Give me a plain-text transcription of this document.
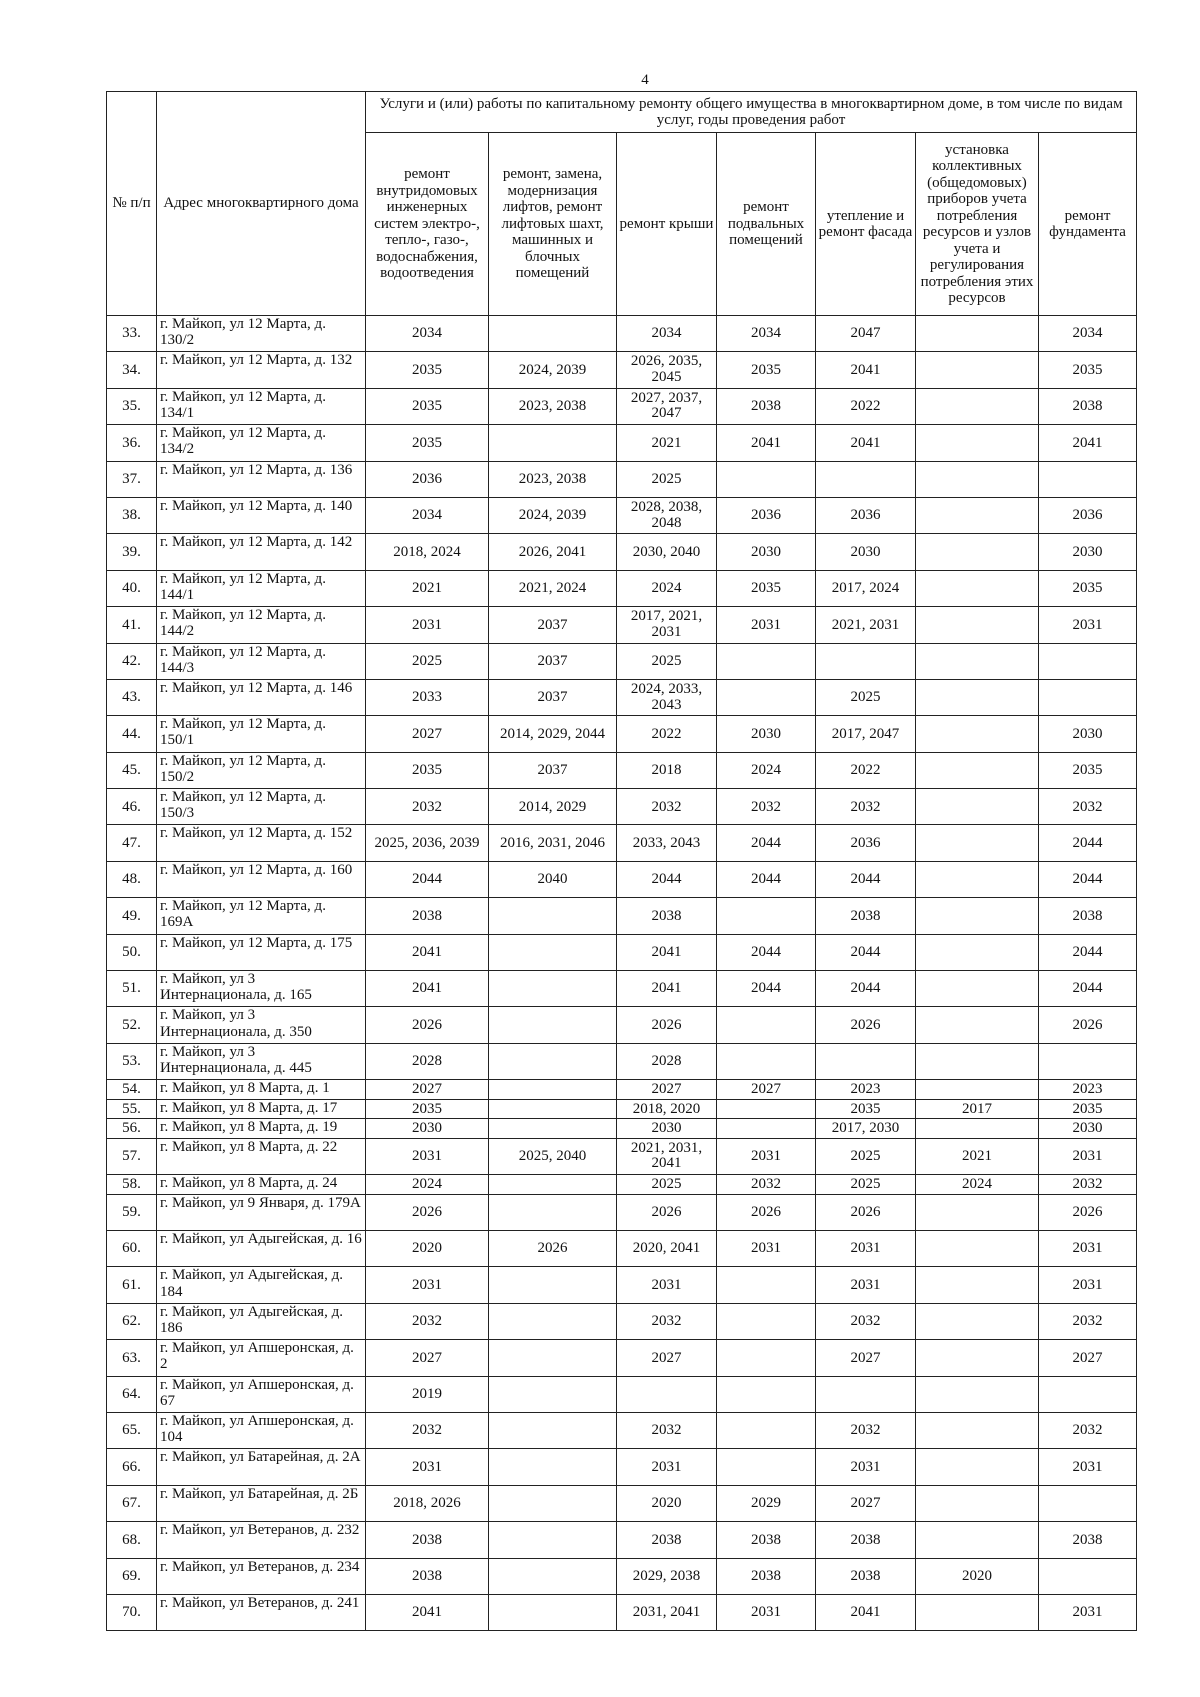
4
№ п/п	Адрес многоквартирного дома	Услуги и (или) работы по капитальному ремонту общего имущества в многоквартирном доме, в том числе по видам услуг, годы проведения работ						
		ремонт внутридомовых инженерных систем электро-, тепло-, газо-, водоснабжения, водоотведения	ремонт, замена, модернизация лифтов, ремонт лифтовых шахт, машинных и блочных помещений	ремонт крыши	ремонт подвальных помещений	утепление и ремонт фасада	установка коллективных (общедомовых) приборов учета потребления ресурсов и узлов учета и регулирования потребления этих ресурсов	ремонт фундамента
33.	г. Майкоп, ул 12 Марта, д. 130/2	2034		2034	2034	2047		2034
34.	г. Майкоп, ул 12 Марта, д. 132	2035	2024, 2039	2026, 2035, 2045	2035	2041		2035
35.	г. Майкоп, ул 12 Марта, д. 134/1	2035	2023, 2038	2027, 2037, 2047	2038	2022		2038
36.	г. Майкоп, ул 12 Марта, д. 134/2	2035		2021	2041	2041		2041
37.	г. Майкоп, ул 12 Марта, д. 136	2036	2023, 2038	2025				
38.	г. Майкоп, ул 12 Марта, д. 140	2034	2024, 2039	2028, 2038, 2048	2036	2036		2036
39.	г. Майкоп, ул 12 Марта, д. 142	2018, 2024	2026, 2041	2030, 2040	2030	2030		2030
40.	г. Майкоп, ул 12 Марта, д. 144/1	2021	2021, 2024	2024	2035	2017, 2024		2035
41.	г. Майкоп, ул 12 Марта, д. 144/2	2031	2037	2017, 2021, 2031	2031	2021, 2031		2031
42.	г. Майкоп, ул 12 Марта, д. 144/3	2025	2037	2025				
43.	г. Майкоп, ул 12 Марта, д. 146	2033	2037	2024, 2033, 2043		2025		
44.	г. Майкоп, ул 12 Марта, д. 150/1	2027	2014, 2029, 2044	2022	2030	2017, 2047		2030
45.	г. Майкоп, ул 12 Марта, д. 150/2	2035	2037	2018	2024	2022		2035
46.	г. Майкоп, ул 12 Марта, д. 150/3	2032	2014, 2029	2032	2032	2032		2032
47.	г. Майкоп, ул 12 Марта, д. 152	2025, 2036, 2039	2016, 2031, 2046	2033, 2043	2044	2036		2044
48.	г. Майкоп, ул 12 Марта, д. 160	2044	2040	2044	2044	2044		2044
49.	г. Майкоп, ул 12 Марта, д. 169А	2038		2038		2038		2038
50.	г. Майкоп, ул 12 Марта, д. 175	2041		2041	2044	2044		2044
51.	г. Майкоп, ул 3 Интернационала, д. 165	2041		2041	2044	2044		2044
52.	г. Майкоп, ул 3 Интернационала, д. 350	2026		2026		2026		2026
53.	г. Майкоп, ул 3 Интернационала, д. 445	2028		2028				
54.	г. Майкоп, ул 8 Марта, д. 1	2027		2027	2027	2023		2023
55.	г. Майкоп, ул 8 Марта, д. 17	2035		2018, 2020		2035	2017	2035
56.	г. Майкоп, ул 8 Марта, д. 19	2030		2030		2017, 2030		2030
57.	г. Майкоп, ул 8 Марта, д. 22	2031	2025, 2040	2021, 2031, 2041	2031	2025	2021	2031
58.	г. Майкоп, ул 8 Марта, д. 24	2024		2025	2032	2025	2024	2032
59.	г. Майкоп, ул 9 Января, д. 179А	2026		2026	2026	2026		2026
60.	г. Майкоп, ул Адыгейская, д. 16	2020	2026	2020, 2041	2031	2031		2031
61.	г. Майкоп, ул Адыгейская, д. 184	2031		2031		2031		2031
62.	г. Майкоп, ул Адыгейская, д. 186	2032		2032		2032		2032
63.	г. Майкоп, ул Апшеронская, д. 2	2027		2027		2027		2027
64.	г. Майкоп, ул Апшеронская, д. 67	2019						
65.	г. Майкоп, ул Апшеронская, д. 104	2032		2032		2032		2032
66.	г. Майкоп, ул Батарейная, д. 2А	2031		2031		2031		2031
67.	г. Майкоп, ул Батарейная, д. 2Б	2018, 2026		2020	2029	2027		
68.	г. Майкоп, ул Ветеранов, д. 232	2038		2038	2038	2038		2038
69.	г. Майкоп, ул Ветеранов, д. 234	2038		2029, 2038	2038	2038	2020	
70.	г. Майкоп, ул Ветеранов, д. 241	2041		2031, 2041	2031	2041		2031
